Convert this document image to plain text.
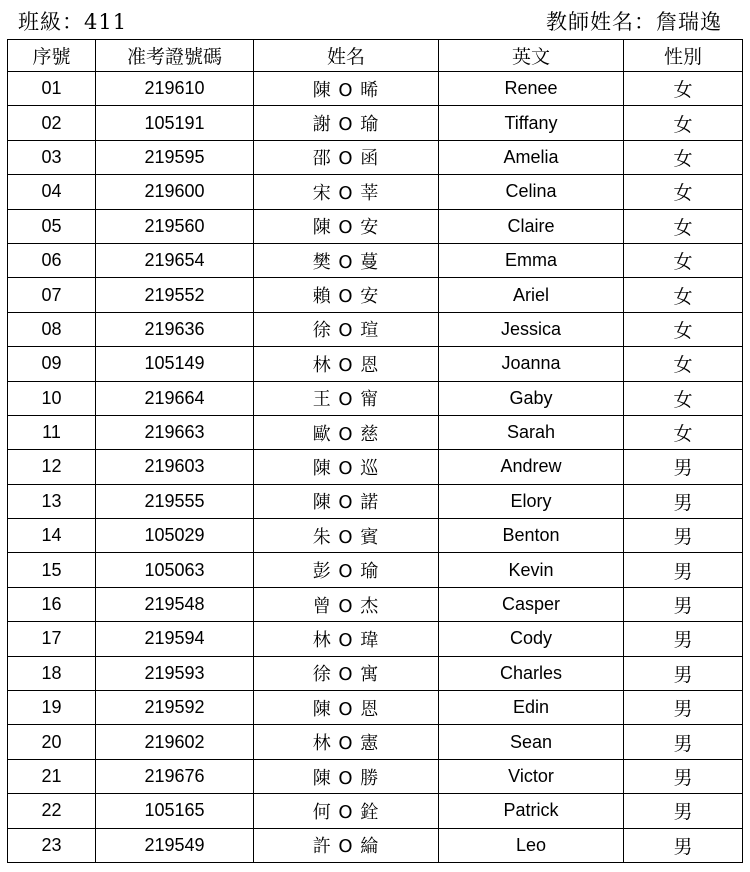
班級：411	教師姓名：詹瑞逸
序號	准考證號碼	姓名	英文	性別
01	219610	陳 O 晞	Renee	女
02	105191	謝 O 瑜	Tiffany	女
03	219595	邵 O 函	Amelia	女
04	219600	宋 O 莘	Celina	女
05	219560	陳 O 安	Claire	女
06	219654	樊 O 蔓	Emma	女
07	219552	賴 O 安	Ariel	女
08	219636	徐 O 瑄	Jessica	女
09	105149	林 O 恩	Joanna	女
10	219664	王 O 甯	Gaby	女
11	219663	歐 O 慈	Sarah	女
12	219603	陳 O 巡	Andrew	男
13	219555	陳 O 諾	Elory	男
14	105029	朱 O 賓	Benton	男
15	105063	彭 O 瑜	Kevin	男
16	219548	曾 O 杰	Casper	男
17	219594	林 O 瑋	Cody	男
18	219593	徐 O 寓	Charles	男
19	219592	陳 O 恩	Edin	男
20	219602	林 O 憲	Sean	男
21	219676	陳 O 勝	Victor	男
22	105165	何 O 銓	Patrick	男
23	219549	許 O 綸	Leo	男
